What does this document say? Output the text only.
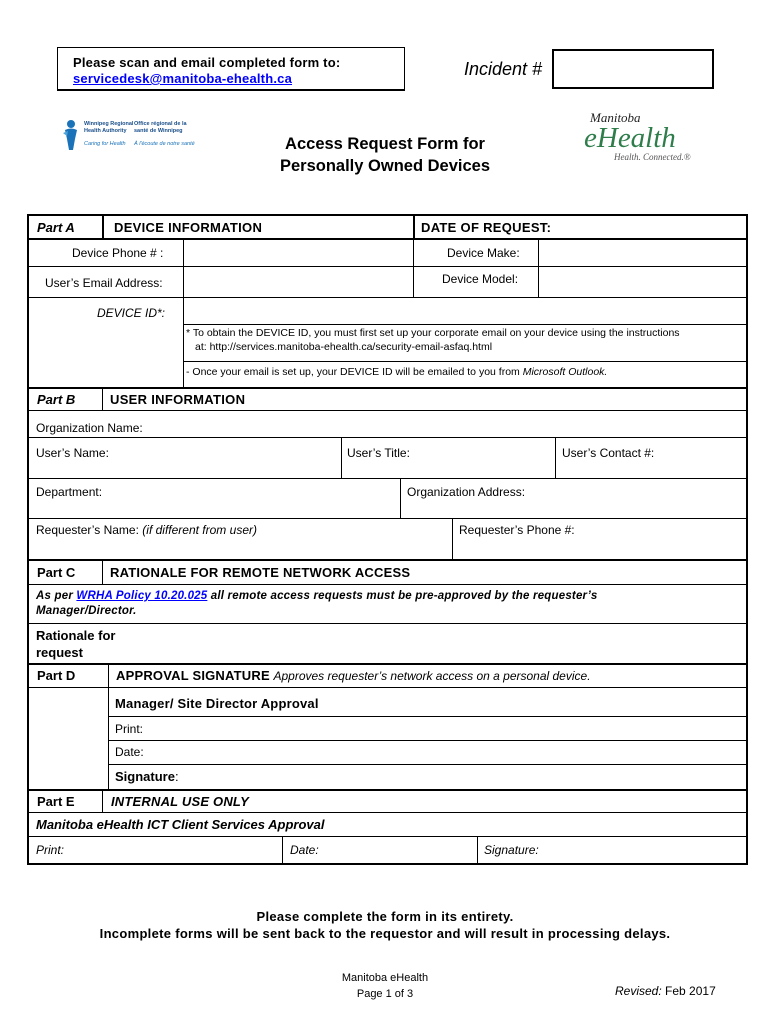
Please scan and email completed form to:
servicedesk@manitoba-ehealth.ca	Incident #
Winnipeg Regional
Health Authority
Office régional de la
santé de Winnipeg
Caring for Health À l'écoute de notre santé
Manitoba
eHealth
Health. Connected.®
Access Request Form for
Personally Owned Devices
Part A	DEVICE INFORMATION	DATE OF REQUEST:
Device Phone # :	Device Make:
User’s Email Address:	Device Model:
DEVICE ID*:
* To obtain the DEVICE ID, you must first set up your corporate email on your device using the instructions
at: http://services.manitoba-ehealth.ca/security-email-asfaq.html
- Once your email is set up, your DEVICE ID will be emailed to you from Microsoft Outlook.
Part B	USER INFORMATION
Organization Name:
User’s Name:	User’s Title:	User’s Contact #:
Department:	Organization Address:
Requester’s Name: (if different from user)	Requester’s Phone #:
Part C	RATIONALE FOR REMOTE NETWORK ACCESS
As per WRHA Policy 10.20.025 all remote access requests must be pre-approved by the requester’s
Manager/Director.
Rationale for
request
Part D	APPROVAL SIGNATURE Approves requester’s network access on a personal device.
Manager/ Site Director Approval
Print:
Date:
Signature:
Part E	INTERNAL USE ONLY
Manitoba eHealth ICT Client Services Approval
Print:	Date:	Signature:
Please complete the form in its entirety.
Incomplete forms will be sent back to the requestor and will result in processing delays.
Manitoba eHealth
Page 1 of 3	Revised: Feb 2017
